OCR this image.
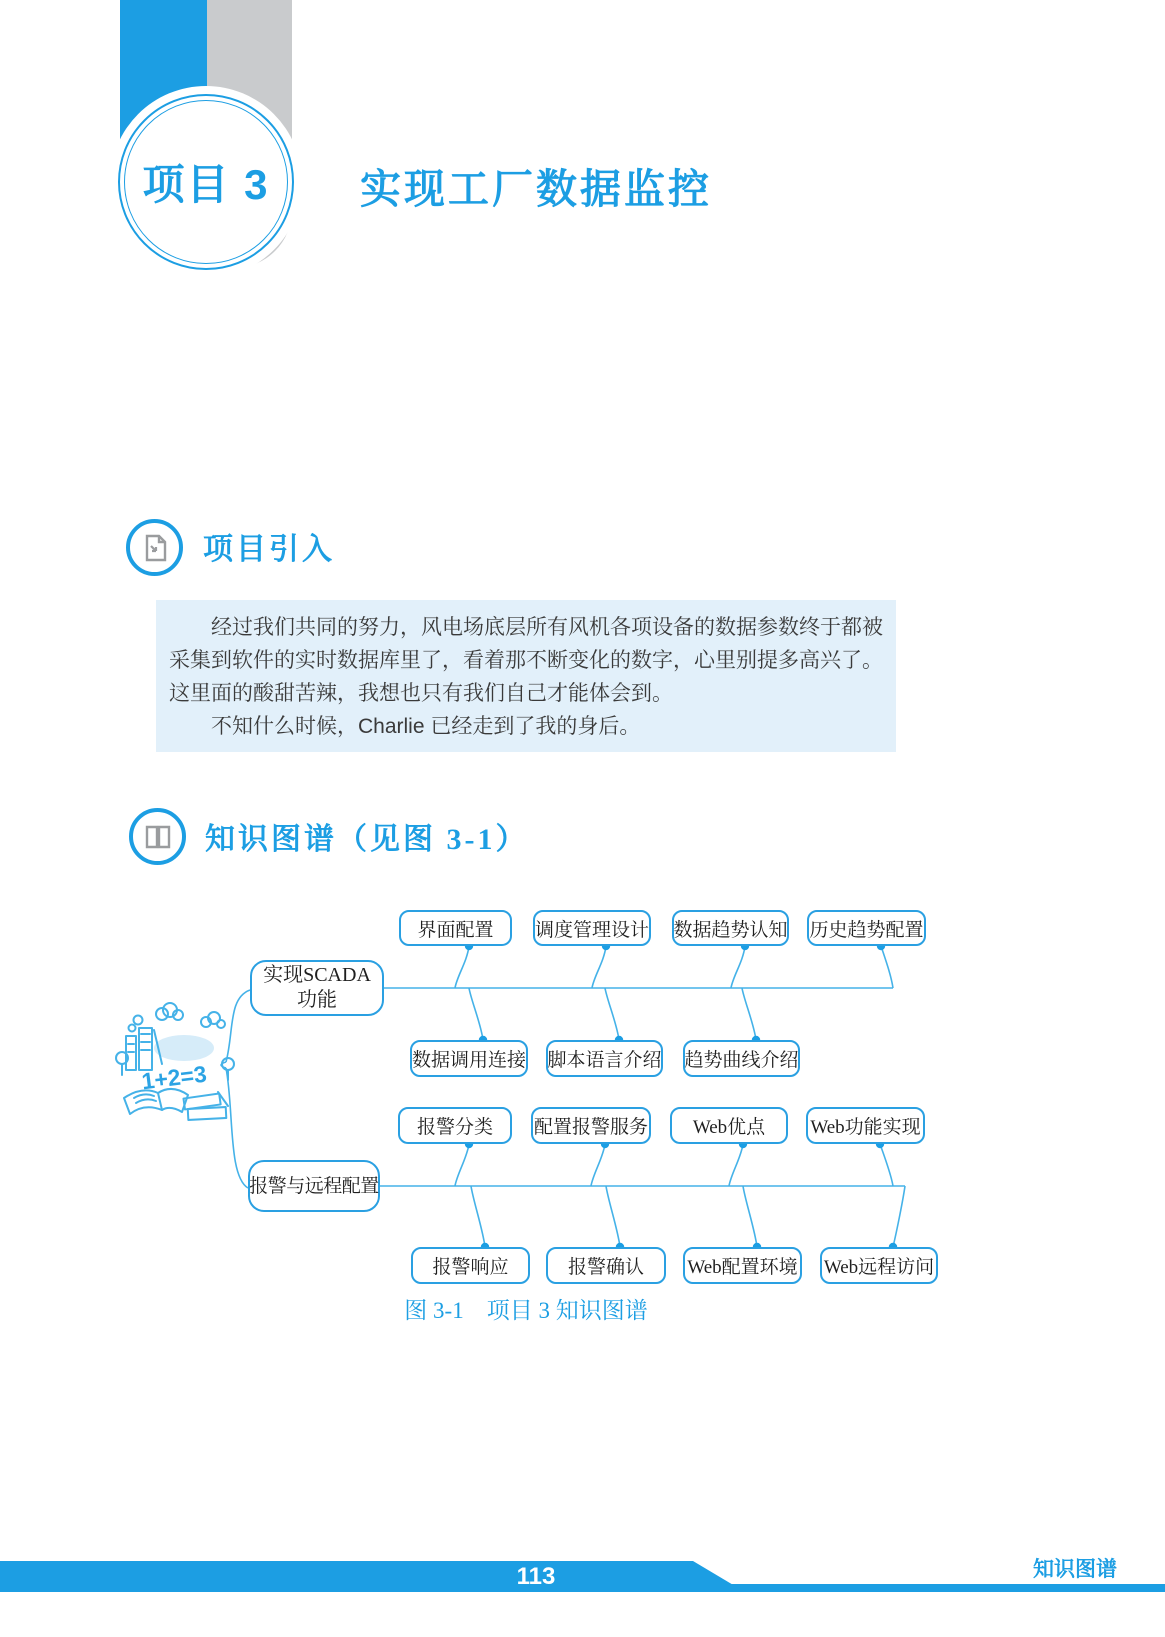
项目 3 实现工厂数据监控
项目引入

经过我们共同的努力，风电场底层所有风机各项设备的数据参数终于都被采集到软件的实时数据库里了，看着那不断变化的数字，心里别提多高兴了。这里面的酸甜苦辣，我想也只有我们自己才能体会到。

不知什么时候，Charlie 已经走到了我的身后。

知识图谱（见图 3-1）
1+2=3
实现SCADA
功能
报警与远程配置
界面配置	调度管理设计 数据趋势认知 历史趋势配置
数据调用连接 脚本语言介绍 趋势曲线介绍
报警分类	配置报警服务	Web优点	Web功能实现
报警响应	报警确认	Web配置环境 Web远程访问
图 3-1　项目 3 知识图谱
113	知识图谱
